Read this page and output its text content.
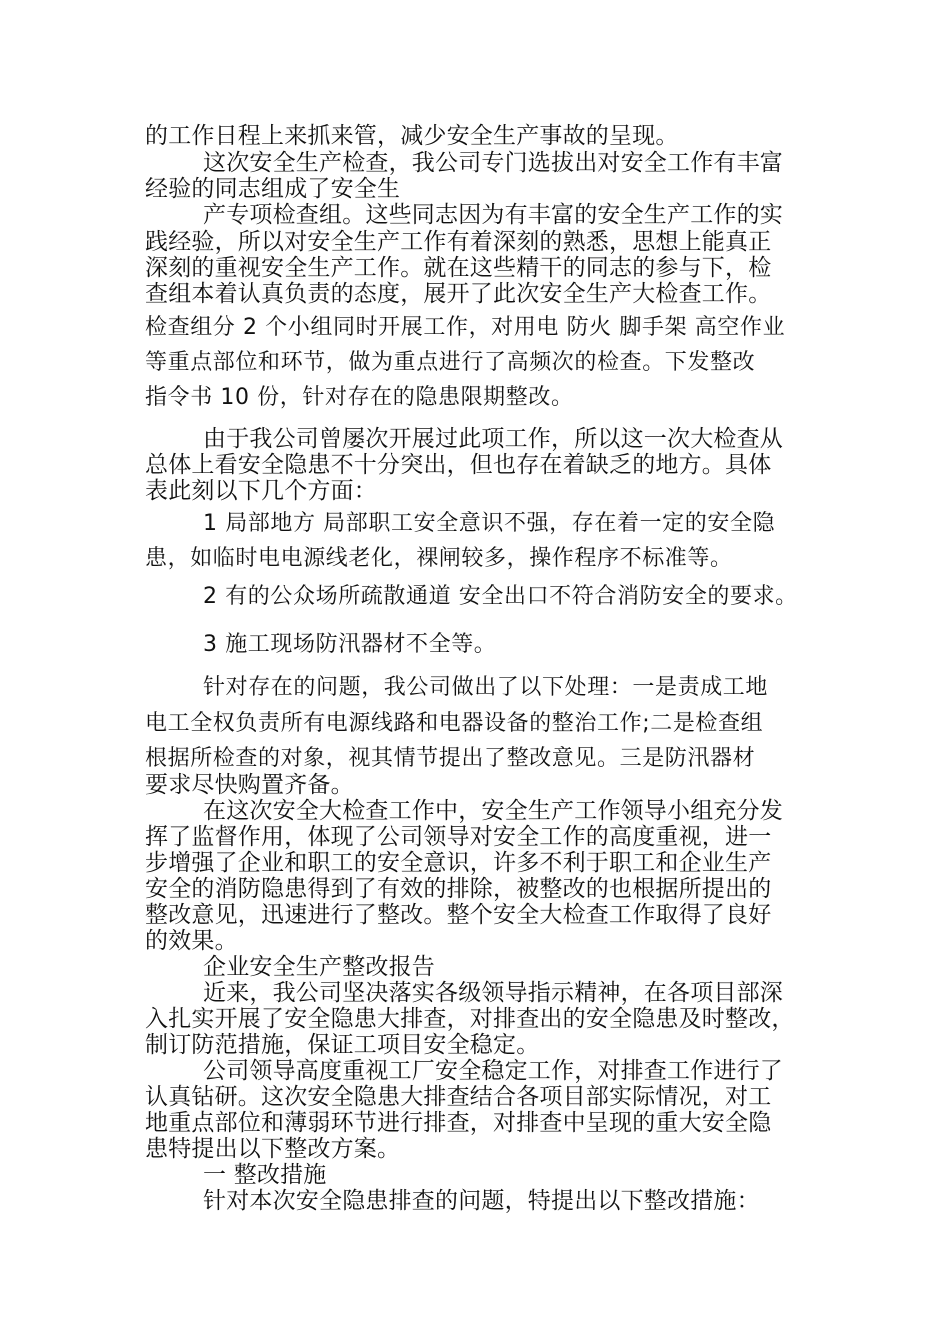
的工作日程上来抓来管，减少安全生产事故的呈现。

这次安全生产检查，我公司专门选拔出对安全工作有丰富

经验的同志组成了安全生

产专项检查组。这些同志因为有丰富的安全生产工作的实

践经验，所以对安全生产工作有着深刻的熟悉，思想上能真正

深刻的重视安全生产工作。就在这些精干的同志的参与下，检

查组本着认真负责的态度，展开了此次安全生产大检查工作。

检查组分 2 个小组同时开展工作，对用电 防火 脚手架 高空作业

等重点部位和环节，做为重点进行了高频次的检查。下发整改

指令书 10 份，针对存在的隐患限期整改。

由于我公司曾屡次开展过此项工作，所以这一次大检查从

总体上看安全隐患不十分突出，但也存在着缺乏的地方。具体

表此刻以下几个方面：

1 局部地方 局部职工安全意识不强，存在着一定的安全隐

患，如临时电电源线老化，裸闸较多，操作程序不标准等。

2 有的公众场所疏散通道 安全出口不符合消防安全的要求。

3 施工现场防汛器材不全等。

针对存在的问题，我公司做出了以下处理：一是责成工地

电工全权负责所有电源线路和电器设备的整治工作;二是检查组

根据所检查的对象，视其情节提出了整改意见。三是防汛器材

要求尽快购置齐备。

在这次安全大检查工作中，安全生产工作领导小组充分发

挥了监督作用，体现了公司领导对安全工作的高度重视，进一

步增强了企业和职工的安全意识，许多不利于职工和企业生产

安全的消防隐患得到了有效的排除，被整改的也根据所提出的

整改意见，迅速进行了整改。整个安全大检查工作取得了良好

的效果。

企业安全生产整改报告

近来，我公司坚决落实各级领导指示精神，在各项目部深

入扎实开展了安全隐患大排查，对排查出的安全隐患及时整改，

制订防范措施，保证工项目安全稳定。

公司领导高度重视工厂安全稳定工作，对排查工作进行了

认真钻研。这次安全隐患大排查结合各项目部实际情况，对工

地重点部位和薄弱环节进行排查，对排查中呈现的重大安全隐

患特提出以下整改方案。

一 整改措施

针对本次安全隐患排查的问题，特提出以下整改措施：
